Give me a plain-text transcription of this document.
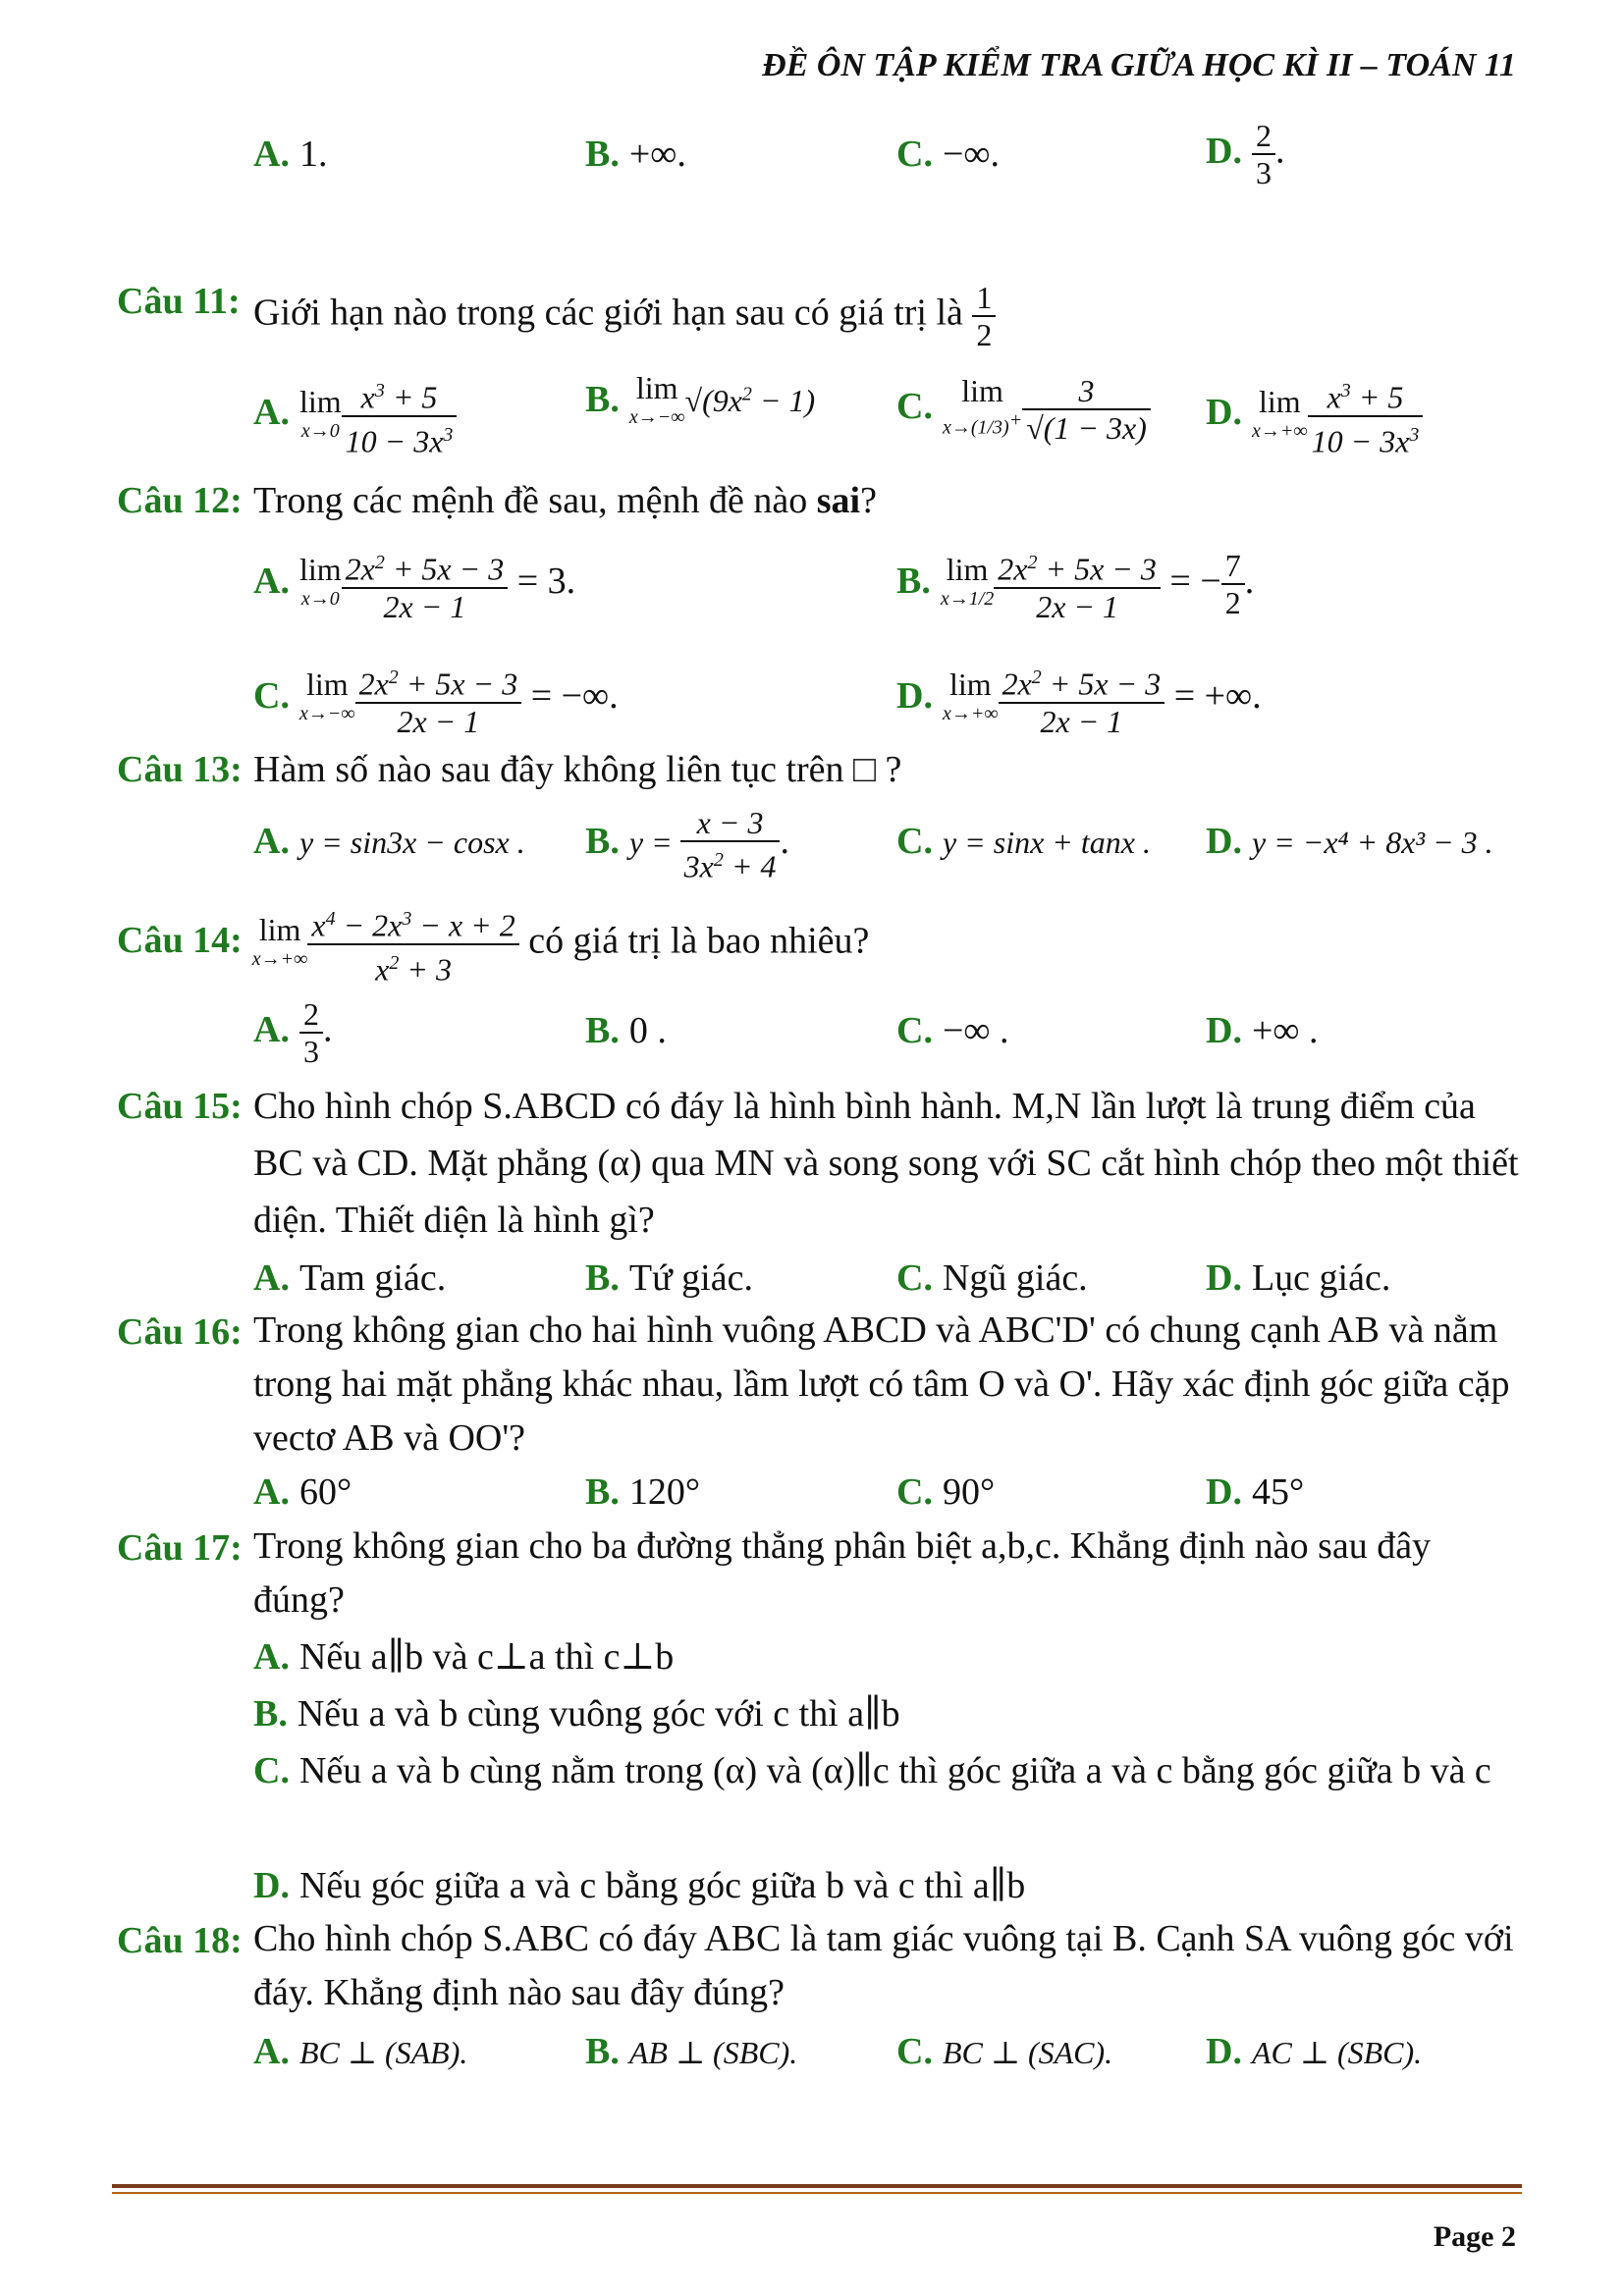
ĐỀ ÔN TẬP KIỂM TRA GIỮA HỌC KÌ II – TOÁN 11
A. 1.	B. +∞.	C. −∞.	D. $\frac{2}{3}$ .
Câu 11: Giới hạn nào trong các giới hạn sau có giá trị là $\frac{1}{2}$
A. lim
$x\to 0 \frac{x^3 + 5}{10 - 3x^3}$	B. lim
x→−∞ $√(9x^2 - 1)$ C. lim
$x\to(1/3)^+ \frac{3}{√(1 - 3x)} D$. lim
$x\to+\infty \frac{x^3 + 5}{10 - 3x^3}$
Câu 12: Trong các mệnh đề sau, mệnh đề nào sai?
A. lim
$x\to 0 \frac{2x^2 + 5x - 3}{2x - 1} = 3$.	B. lim
$x\to 1/2 \frac{2x^2 + 5x - 3}{2x - 1}$ = − $\frac{7}{2}$ .
C. lim
$x\to-\infty \frac{2x^2 + 5x - 3}{2x - 1}$ = −∞.	D. lim
$x\to+\infty \frac{2x^2 + 5x - 3}{2x - 1}$ = +∞.
Câu 13: Hàm số nào sau đây không liên tục trên □ ?
A. y = sin3x − cosx . B. $y = \frac{x - 3}{3x^2 + 4}$ .	C. y = sinx + tanx . D. y = −x⁴ + 8x³ − 3 .
Câu 14: lim
$x\to+\infty \frac{x^4 - 2x^3 - x + 2}{x^2 + 3}$ có giá trị là bao nhiêu?
A. $\frac{2}{3}$ .	B. 0 .	C. −∞ .	D. +∞ .
Câu 15: Cho hình chóp S.ABCD có đáy là hình bình hành. M,N lần lượt là trung điểm của BC và CD. Mặt phẳng (α) qua MN và song song với SC cắt hình chóp theo một thiết diện. Thiết diện là hình gì?
A. Tam giác.	B. Tứ giác.	C. Ngũ giác.	D. Lục giác.
Câu 16: Trong không gian cho hai hình vuông ABCD và ABC'D' có chung cạnh AB và nằm trong hai mặt phẳng khác nhau, lầm lượt có tâm O và O'. Hãy xác định góc giữa cặp vectơ AB và OO'?
A. 60°	B. 120°	C. 90°	D. 45°
Câu 17: Trong không gian cho ba đường thẳng phân biệt a,b,c. Khẳng định nào sau đây đúng?
A. Nếu a∥b và c⊥a thì c⊥b
B. Nếu a và b cùng vuông góc với c thì a∥b
C. Nếu a và b cùng nằm trong (α) và (α)∥c thì góc giữa a và c bằng góc giữa b và c
D. Nếu góc giữa a và c bằng góc giữa b và c thì a∥b
Câu 18: Cho hình chóp S.ABC có đáy ABC là tam giác vuông tại B. Cạnh SA vuông góc với đáy. Khẳng định nào sau đây đúng?
A. BC ⊥ (SAB).	B. AB ⊥ (SBC).	C. BC ⊥ (SAC). D. AC ⊥ (SBC).
Page 2
